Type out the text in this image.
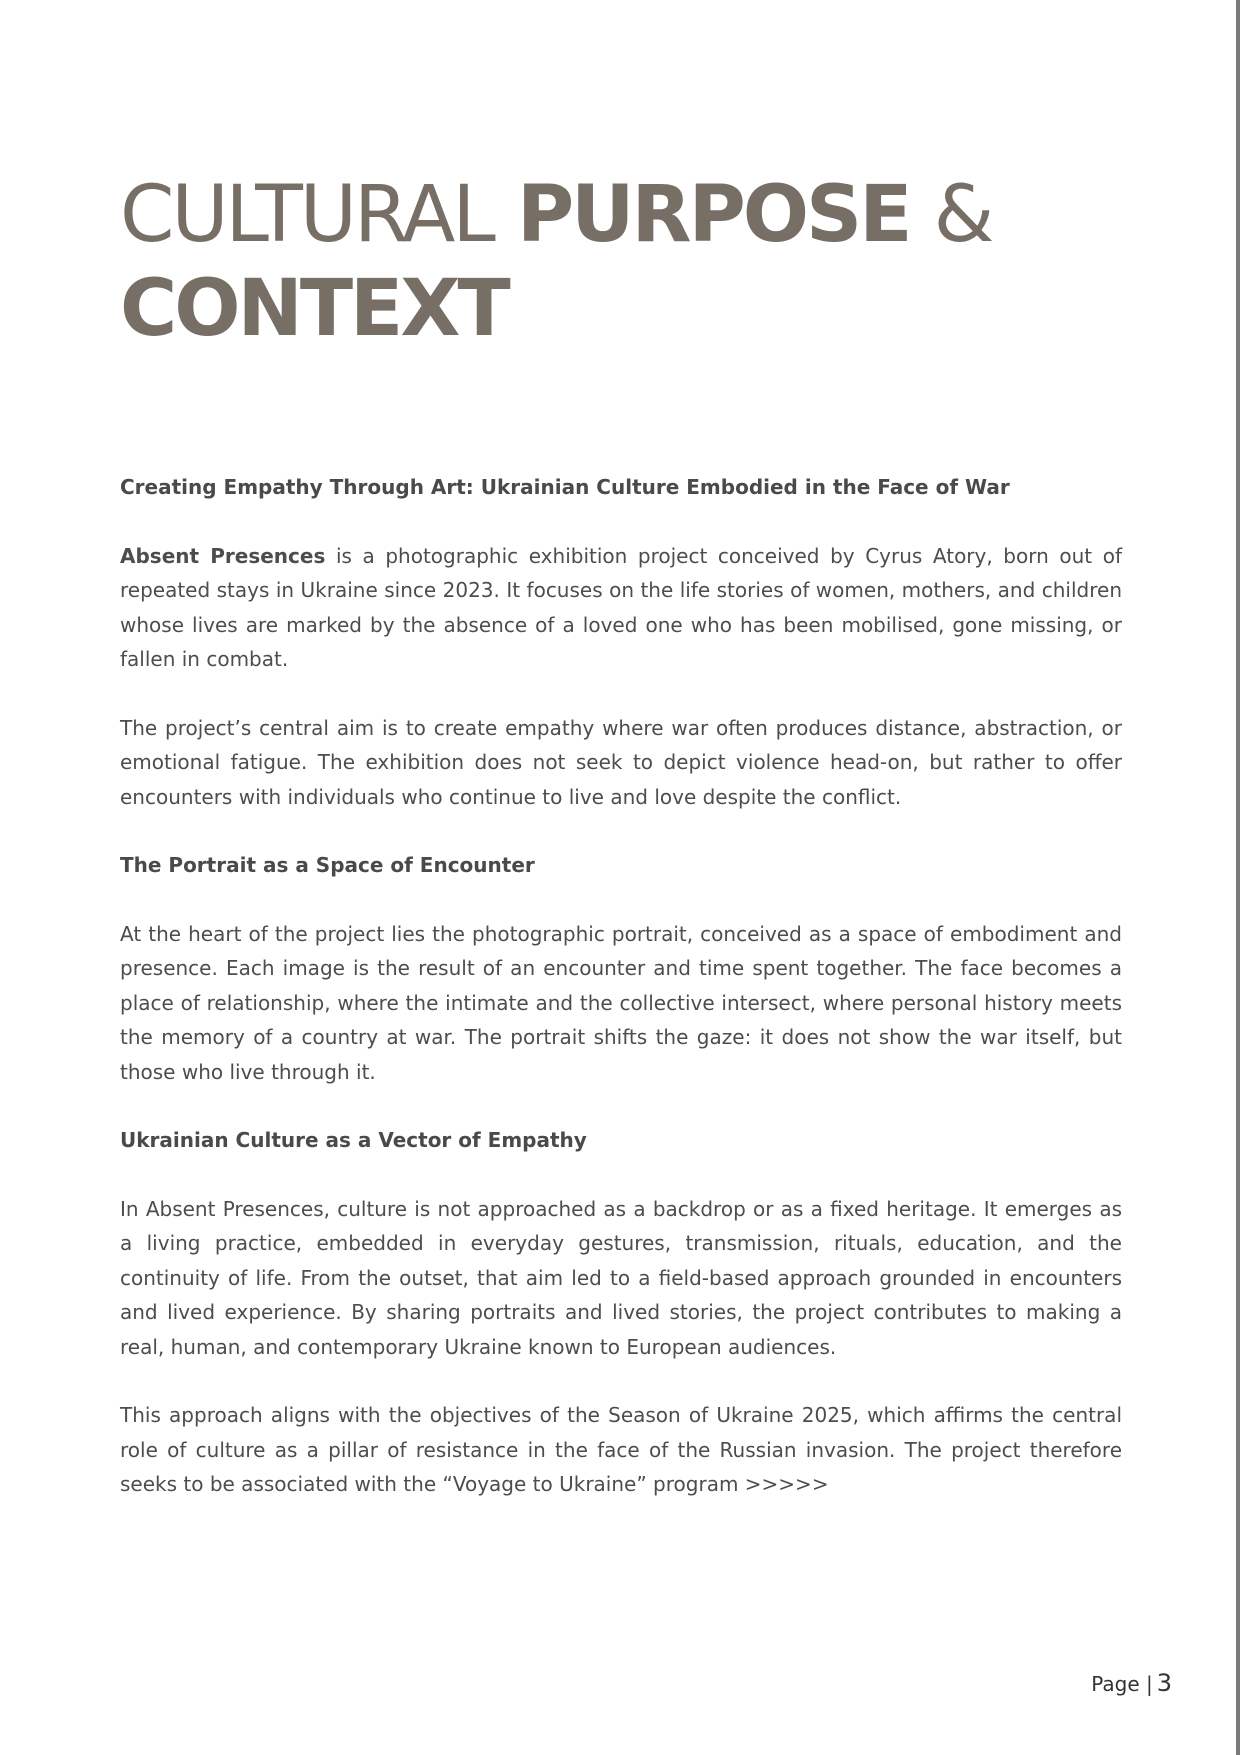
CULTURAL PURPOSE &
CONTEXT
Creating Empathy Through Art: Ukrainian Culture Embodied in the Face of War

Absent Presences is a photographic exhibition project conceived by Cyrus Atory, born out of repeated stays in Ukraine since 2023. It focuses on the life stories of women, mothers, and children whose lives are marked by the absence of a loved one who has been mobilised, gone missing, or fallen in combat.

The project’s central aim is to create empathy where war often produces distance, abstraction, or emotional fatigue. The exhibition does not seek to depict violence head-on, but rather to offer encounters with individuals who continue to live and love despite the conflict.

The Portrait as a Space of Encounter

At the heart of the project lies the photographic portrait, conceived as a space of embodiment and presence. Each image is the result of an encounter and time spent together. The face becomes a place of relationship, where the intimate and the collective intersect, where personal history meets the memory of a country at war. The portrait shifts the gaze: it does not show the war itself, but those who live through it.

Ukrainian Culture as a Vector of Empathy

In Absent Presences, culture is not approached as a backdrop or as a fixed heritage. It emerges as a living practice, embedded in everyday gestures, transmission, rituals, education, and the continuity of life. From the outset, that aim led to a field-based approach grounded in encounters and lived experience. By sharing portraits and lived stories, the project contributes to making a real, human, and contemporary Ukraine known to European audiences.

This approach aligns with the objectives of the Season of Ukraine 2025, which affirms the central role of culture as a pillar of resistance in the face of the Russian invasion. The project therefore seeks to be associated with the “Voyage to Ukraine” program >>>>>

Page | 3
